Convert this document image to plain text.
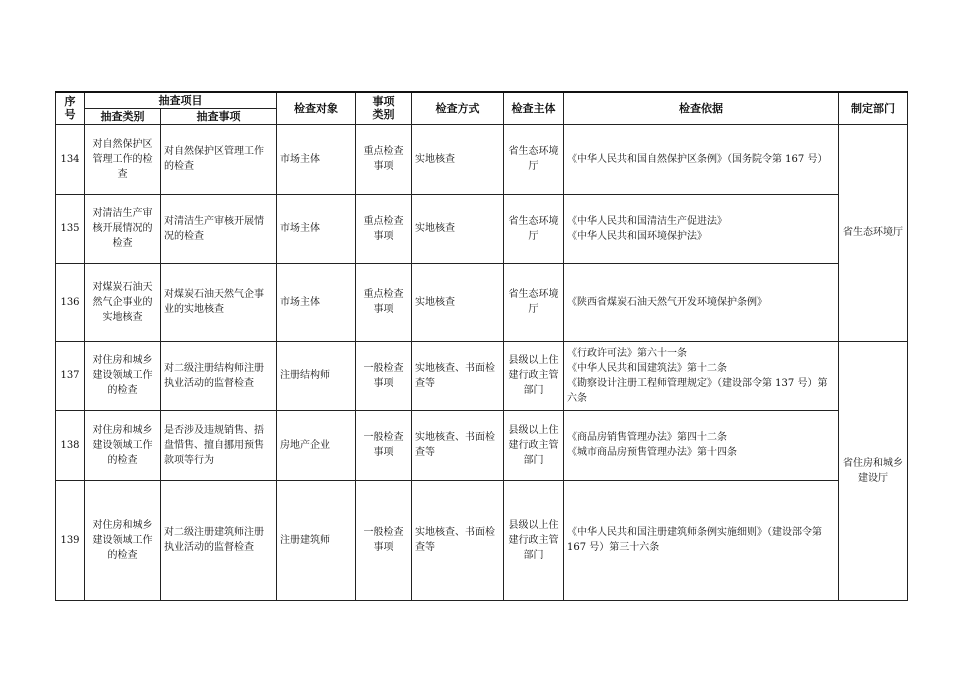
序号	抽查项目		检查对象	事项类别	检查方式	检查主体	检查依据	制定部门
	抽查类别	抽查事项						
134	对自然保护区管理工作的检查	对自然保护区管理工作的检查	市场主体	重点检查事项	实地核查	省生态环境厅	《中华人民共和国自然保护区条例》（国务院令第 167 号）	省生态环境厅
135	对清洁生产审核开展情况的检查	对清洁生产审核开展情况的检查	市场主体	重点检查事项	实地核查	省生态环境厅	《中华人民共和国清洁生产促进法》
《中华人民共和国环境保护法》	
136	对煤炭石油天然气企事业的实地核查	对煤炭石油天然气企事业的实地核查	市场主体	重点检查事项	实地核查	省生态环境厅	《陕西省煤炭石油天然气开发环境保护条例》	
137	对住房和城乡建设领域工作的检查	对二级注册结构师注册执业活动的监督检查	注册结构师	一般检查事项	实地核查、书面检查等	县级以上住建行政主管部门	《行政许可法》第六十一条
《中华人民共和国建筑法》第十二条
《勘察设计注册工程师管理规定》（建设部令第 137 号）第六条	省住房和城乡建设厅
138	对住房和城乡建设领域工作的检查	是否涉及违规销售、捂盘惜售、擅自挪用预售款项等行为	房地产企业	一般检查事项	实地核查、书面检查等	县级以上住建行政主管部门	《商品房销售管理办法》第四十二条
《城市商品房预售管理办法》第十四条	
139	对住房和城乡建设领域工作的检查	对二级注册建筑师注册执业活动的监督检查	注册建筑师	一般检查事项	实地核查、书面检查等	县级以上住建行政主管部门	《中华人民共和国注册建筑师条例实施细则》（建设部令第 167 号）第三十六条	
